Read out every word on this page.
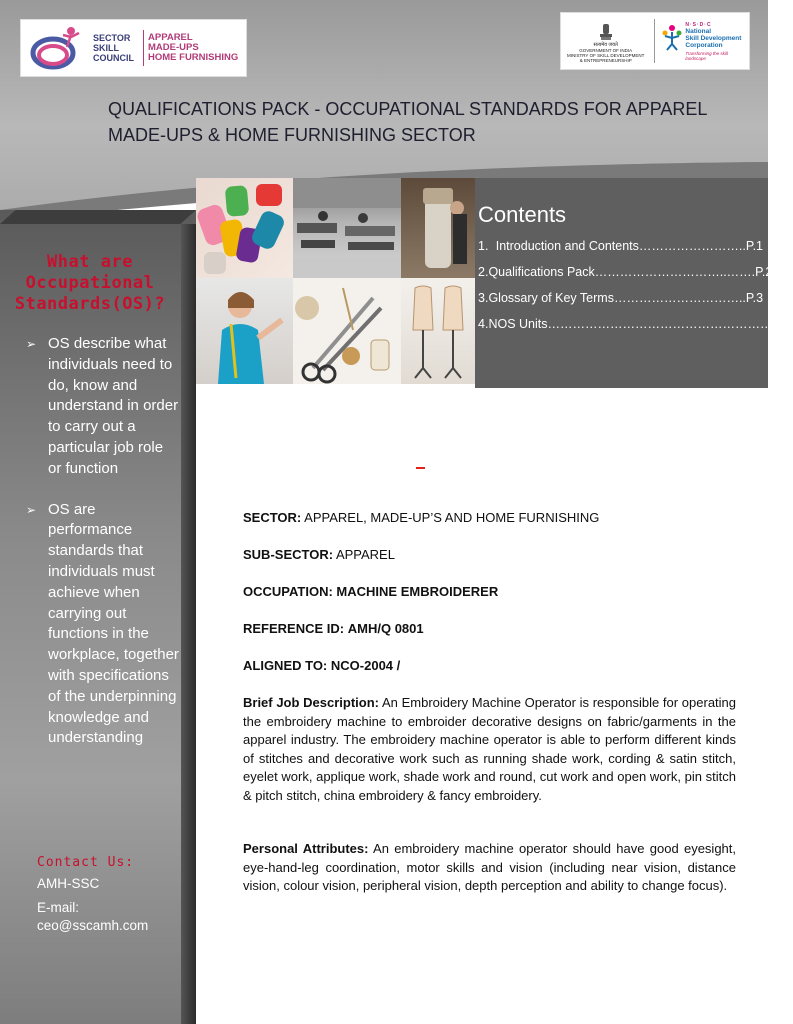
SECTOR
SKILL
COUNCIL
APPAREL
MADE-UPS
HOME FURNISHING
सत्यमेव जयते
GOVERNMENT OF INDIA
MINISTRY OF SKILL DEVELOPMENT
& ENTREPRENEURSHIP
N·S·D·C
National
Skill Development
Corporation
Transforming the skill landscape
QUALIFICATIONS PACK - OCCUPATIONAL STANDARDS FOR APPAREL
MADE-UPS & HOME FURNISHING SECTOR
What are
Occupational
Standards(OS)?
➢ OS describe what individuals need to do, know and understand in order to carry out a particular job role or function
➢ OS are performance standards that individuals must achieve when carrying out functions in the workplace, together with specifications of the underpinning knowledge and understanding
Contact Us:
AMH-SSC
E-mail:
ceo@sscamh.com
Contents
1. Introduction and Contents…………………….. P.1
2. Qualifications Pack…………………………..……. P.2
3. Glossary of Key Terms………………………….. P.3
4. NOS Units………………………………………………. P.5
SECTOR: APPAREL, MADE-UP’S AND HOME FURNISHING
SUB-SECTOR: APPAREL
OCCUPATION: MACHINE EMBROIDERER
REFERENCE ID: AMH/Q 0801
ALIGNED TO: NCO-2004 /
Brief Job Description: An Embroidery Machine Operator is responsible for operating the embroidery machine to embroider decorative designs on fabric/garments in the apparel industry. The embroidery machine operator is able to perform different kinds of stitches and decorative work such as running shade work, cording & satin stitch, eyelet work, applique work, shade work and round, cut work and open work, pin stitch & pitch stitch, china embroidery & fancy embroidery.
Personal Attributes: An embroidery machine operator should have good eyesight, eye-hand-leg coordination, motor skills and vision (including near vision, distance vision, colour vision, peripheral vision, depth perception and ability to change focus).
